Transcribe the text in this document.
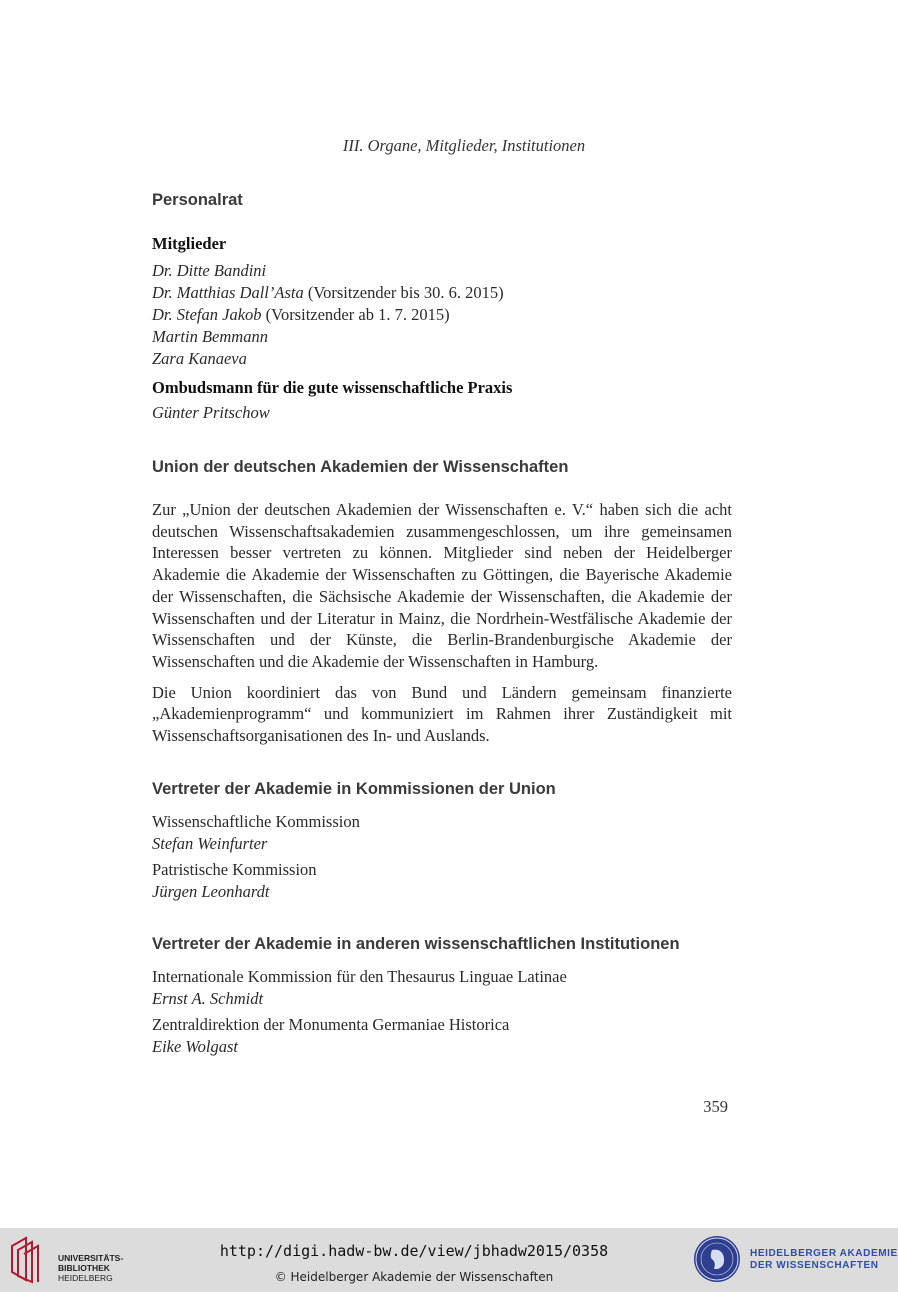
III. Organe, Mitglieder, Institutionen
Personalrat
Mitglieder
Dr. Ditte Bandini
Dr. Matthias Dall’Asta (Vorsitzender bis 30. 6. 2015)
Dr. Stefan Jakob (Vorsitzender ab 1. 7. 2015)
Martin Bemmann
Zara Kanaeva
Ombudsmann für die gute wissenschaftliche Praxis
Günter Pritschow
Union der deutschen Akademien der Wissenschaften

Zur „Union der deutschen Akademien der Wissenschaften e. V.“ haben sich die acht deutschen Wissenschaftsakademien zusammengeschlossen, um ihre gemeinsamen Interessen besser vertreten zu können. Mitglieder sind neben der Heidelberger Akademie die Akademie der Wissenschaften zu Göttingen, die Bayerische Akademie der Wissenschaften, die Sächsische Akademie der Wissenschaften, die Akademie der Wissenschaften und der Literatur in Mainz, die Nordrhein-Westfälische Akademie der Wissenschaften und der Künste, die Berlin-Brandenburgische Akademie der Wissenschaften und die Akademie der Wissenschaften in Hamburg.

Die Union koordiniert das von Bund und Ländern gemeinsam finanzierte „Akademienprogramm“ und kommuniziert im Rahmen ihrer Zuständigkeit mit Wissenschaftsorganisationen des In- und Auslands.

Vertreter der Akademie in Kommissionen der Union
Wissenschaftliche Kommission
Stefan Weinfurter
Patristische Kommission
Jürgen Leonhardt
Vertreter der Akademie in anderen wissenschaftlichen Institutionen
Internationale Kommission für den Thesaurus Linguae Latinae
Ernst A. Schmidt
Zentraldirektion der Monumenta Germaniae Historica
Eike Wolgast
359
UNIVERSITÄTS-
BIBLIOTHEK
HEIDELBERG
http://digi.hadw-bw.de/view/jbhadw2015/0358
© Heidelberger Akademie der Wissenschaften
HEIDELBERGER AKADEMIE
DER WISSENSCHAFTEN
